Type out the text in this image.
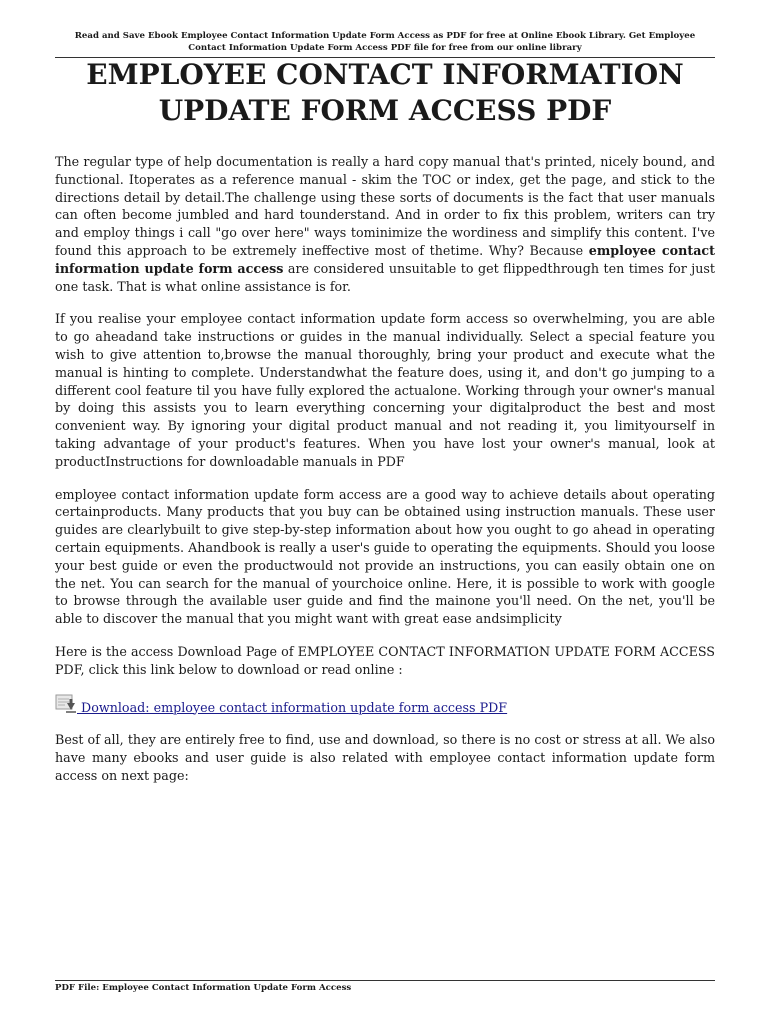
Read and Save Ebook Employee Contact Information Update Form Access as PDF for free at Online Ebook Library. Get Employee Contact Information Update Form Access PDF file for free from our online library
EMPLOYEE CONTACT INFORMATION
UPDATE FORM ACCESS PDF

The regular type of help documentation is really a hard copy manual that's printed, nicely bound, and functional. Itoperates as a reference manual - skim the TOC or index, get the page, and stick to the directions detail by detail.The challenge using these sorts of documents is the fact that user manuals can often become jumbled and hard tounderstand. And in order to fix this problem, writers can try and employ things i call "go over here" ways tominimize the wordiness and simplify this content. I've found this approach to be extremely ineffective most of thetime. Why? Because employee contact information update form access are considered unsuitable to get flippedthrough ten times for just one task. That is what online assistance is for.

If you realise your employee contact information update form access so overwhelming, you are able to go aheadand take instructions or guides in the manual individually. Select a special feature you wish to give attention to,browse the manual thoroughly, bring your product and execute what the manual is hinting to complete. Understandwhat the feature does, using it, and don't go jumping to a different cool feature til you have fully explored the actualone. Working through your owner's manual by doing this assists you to learn everything concerning your digitalproduct the best and most convenient way. By ignoring your digital product manual and not reading it, you limityourself in taking advantage of your product's features. When you have lost your owner's manual, look at productInstructions for downloadable manuals in PDF

employee contact information update form access are a good way to achieve details about operating certainproducts. Many products that you buy can be obtained using instruction manuals. These user guides are clearlybuilt to give step-by-step information about how you ought to go ahead in operating certain equipments. Ahandbook is really a user's guide to operating the equipments. Should you loose your best guide or even the productwould not provide an instructions, you can easily obtain one on the net. You can search for the manual of yourchoice online. Here, it is possible to work with google to browse through the available user guide and find the mainone you'll need. On the net, you'll be able to discover the manual that you might want with great ease andsimplicity

Here is the access Download Page of EMPLOYEE CONTACT INFORMATION UPDATE FORM ACCESS PDF, click this link below to download or read online :

Download: employee contact information update form access PDF

Best of all, they are entirely free to find, use and download, so there is no cost or stress at all. We also have many ebooks and user guide is also related with employee contact information update form access on next page:

PDF File: Employee Contact Information Update Form Access
